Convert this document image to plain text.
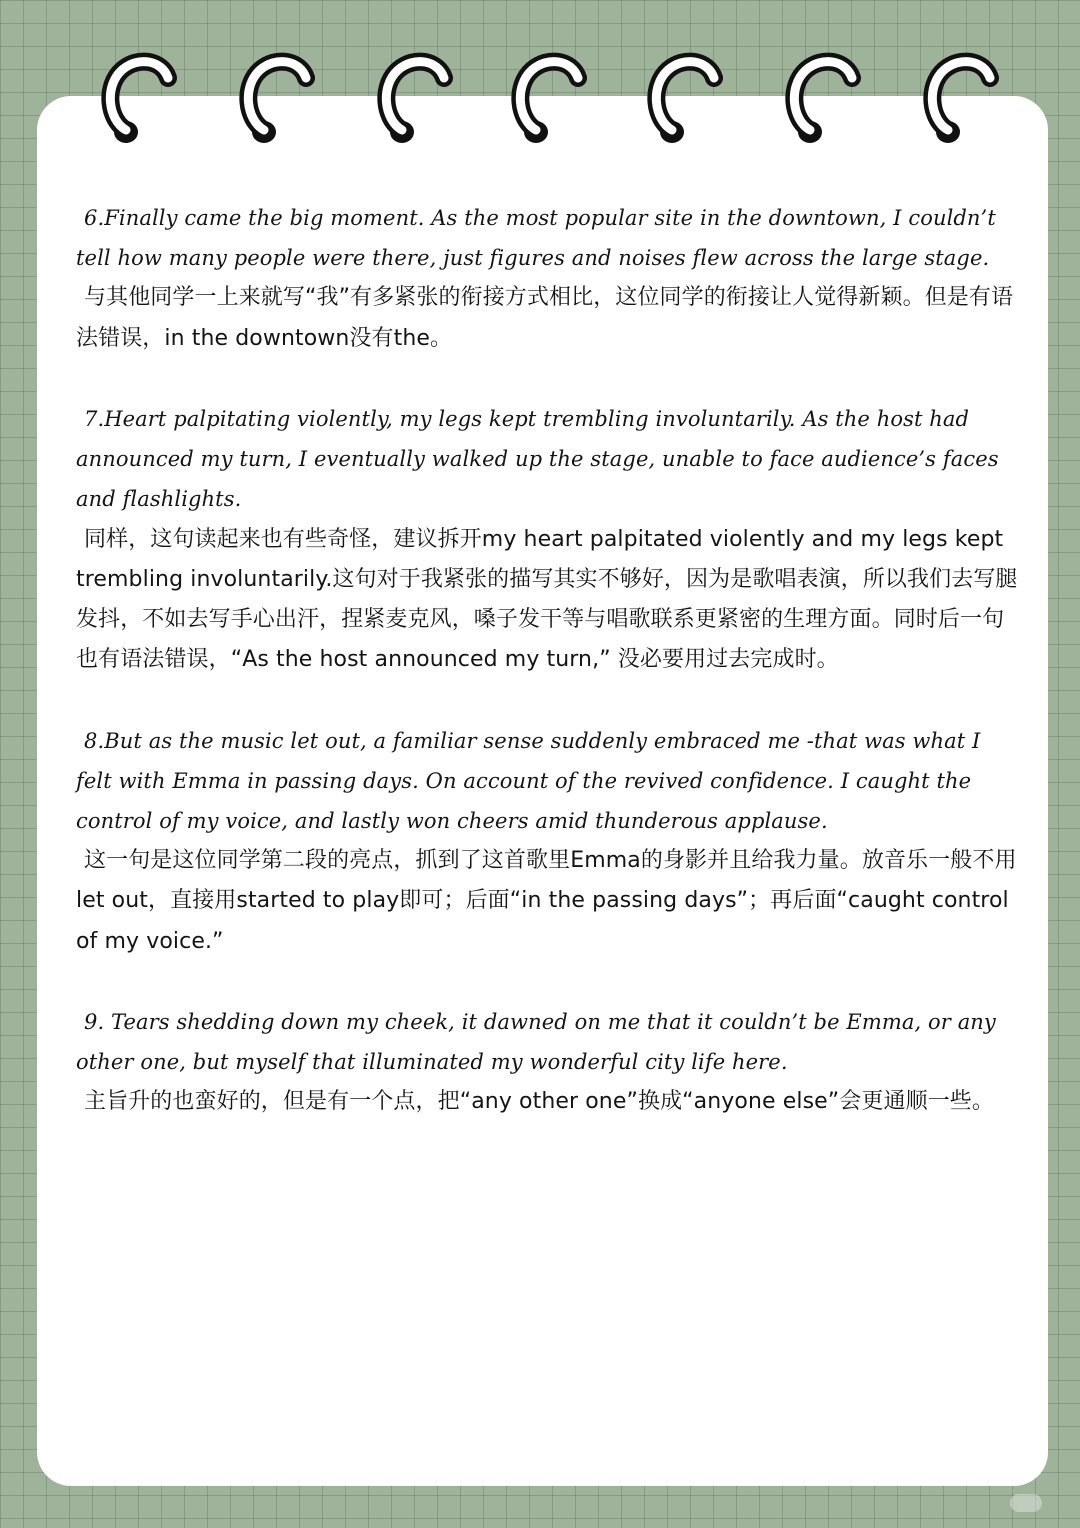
6.Finally came the big moment. As the most popular site in the downtown, I couldn’t tell how many people were there, just figures and noises flew across the large stage.

与其他同学一上来就写“我”有多紧张的衔接方式相比，这位同学的衔接让人觉得新颖。但是有语法错误，in the downtown没有the。

7.Heart palpitating violently, my legs kept trembling involuntarily. As the host had announced my turn, I eventually walked up the stage, unable to face audience’s faces and flashlights.

同样，这句读起来也有些奇怪，建议拆开my heart palpitated violently and my legs kept trembling involuntarily.这句对于我紧张的描写其实不够好，因为是歌唱表演，所以我们去写腿发抖，不如去写手心出汗，捏紧麦克风，嗓子发干等与唱歌联系更紧密的生理方面。同时后一句也有语法错误，“As the host announced my turn,” 没必要用过去完成时。

8.But as the music let out, a familiar sense suddenly embraced me -that was what I felt with Emma in passing days. On account of the revived confidence. I caught the control of my voice, and lastly won cheers amid thunderous applause.

这一句是这位同学第二段的亮点，抓到了这首歌里Emma的身影并且给我力量。放音乐一般不用let out，直接用started to play即可；后面“in the passing days”；再后面“caught control of my voice.”

9. Tears shedding down my cheek, it dawned on me that it couldn’t be Emma, or any other one, but myself that illuminated my wonderful city life here.

主旨升的也蛮好的，但是有一个点，把“any other one”换成“anyone else”会更通顺一些。
